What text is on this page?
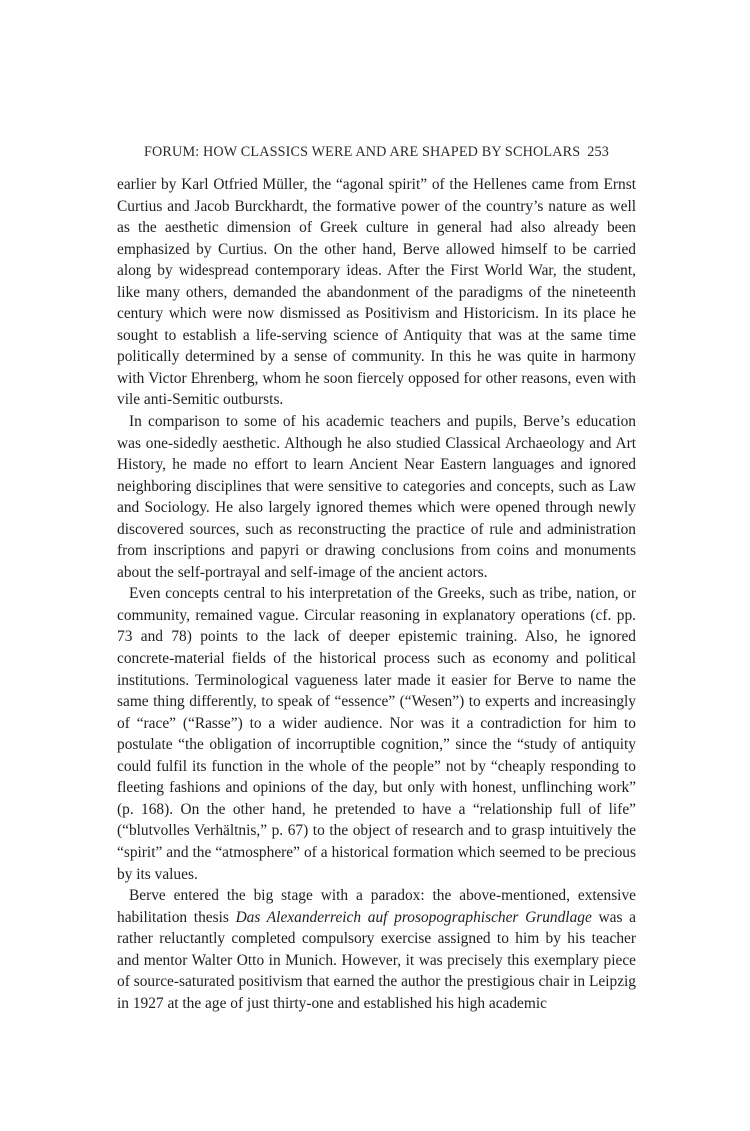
FORUM: HOW CLASSICS WERE AND ARE SHAPED BY SCHOLARS 253

earlier by Karl Otfried Müller, the “agonal spirit” of the Hellenes came from Ernst Curtius and Jacob Burckhardt, the formative power of the country’s nature as well as the aesthetic dimension of Greek culture in general had also already been emphasized by Curtius. On the other hand, Berve allowed himself to be carried along by widespread contemporary ideas. After the First World War, the student, like many others, demanded the abandonment of the paradigms of the nineteenth century which were now dismissed as Positivism and Historicism. In its place he sought to establish a life-serving science of Antiquity that was at the same time politically determined by a sense of community. In this he was quite in harmony with Victor Ehrenberg, whom he soon fiercely opposed for other reasons, even with vile anti-Semitic outbursts.

In comparison to some of his academic teachers and pupils, Berve’s education was one-sidedly aesthetic. Although he also studied Classical Archaeology and Art History, he made no effort to learn Ancient Near Eastern languages and ignored neighboring disciplines that were sensitive to categories and concepts, such as Law and Sociology. He also largely ignored themes which were opened through newly discovered sources, such as reconstructing the practice of rule and administration from inscriptions and papyri or drawing conclusions from coins and monuments about the self-portrayal and self-image of the ancient actors.

Even concepts central to his interpretation of the Greeks, such as tribe, nation, or community, remained vague. Circular reasoning in explanatory operations (cf. pp. 73 and 78) points to the lack of deeper epistemic training. Also, he ignored concrete-material fields of the historical process such as economy and political institutions. Terminological vagueness later made it easier for Berve to name the same thing differently, to speak of “essence” (“Wesen”) to experts and increasingly of “race” (“Rasse”) to a wider audience. Nor was it a contradiction for him to postulate “the obligation of incorruptible cognition,” since the “study of antiquity could fulfil its function in the whole of the people” not by “cheaply responding to fleeting fashions and opinions of the day, but only with honest, unflinching work” (p. 168). On the other hand, he pretended to have a “relationship full of life” (“blutvolles Verhältnis,” p. 67) to the object of research and to grasp intuitively the “spirit” and the “atmosphere” of a historical formation which seemed to be precious by its values.

Berve entered the big stage with a paradox: the above-mentioned, extensive habilitation thesis Das Alexanderreich auf prosopographischer Grundlage was a rather reluctantly completed compulsory exercise assigned to him by his teacher and mentor Walter Otto in Munich. However, it was precisely this exemplary piece of source-saturated positivism that earned the author the prestigious chair in Leipzig in 1927 at the age of just thirty-one and established his high academic
